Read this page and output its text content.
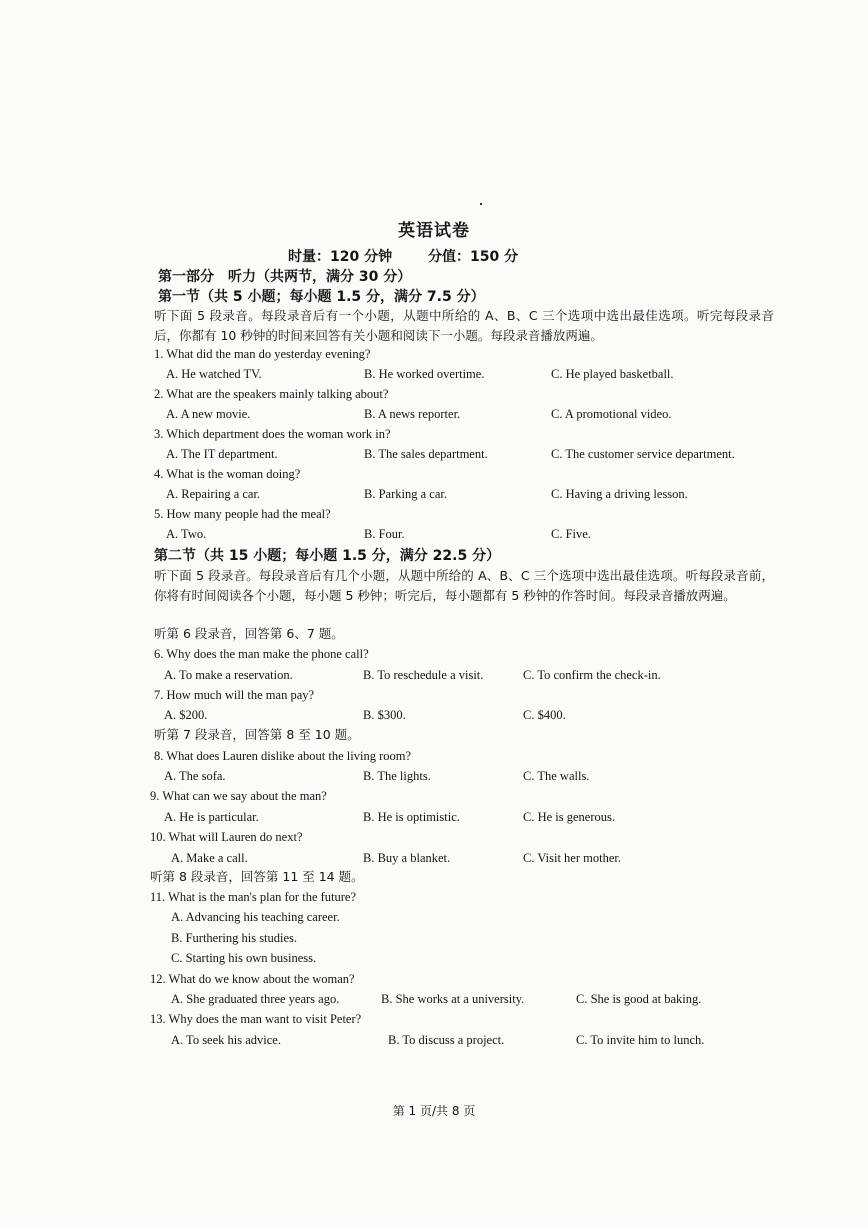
英语试卷
时量：120 分钟	分值：150 分
第一部分　听力（共两节，满分 30 分）
第一节（共 5 小题；每小题 1.5 分，满分 7.5 分）
听下面 5 段录音。每段录音后有一个小题，从题中所给的 A、B、C 三个选项中选出最佳选项。听完每段录音后，你都有 10 秒钟的时间来回答有关小题和阅读下一小题。每段录音播放两遍。
1. What did the man do yesterday evening?
A. He watched TV.	B. He worked overtime.	C. He played basketball.
2. What are the speakers mainly talking about?
A. A new movie.	B. A news reporter.	C. A promotional video.
3. Which department does the woman work in?
A. The IT department.	B. The sales department.	C. The customer service department.
4. What is the woman doing?
A. Repairing a car.	B. Parking a car.	C. Having a driving lesson.
5. How many people had the meal?
A. Two.	B. Four.	C. Five.
第二节（共 15 小题；每小题 1.5 分，满分 22.5 分）
听下面 5 段录音。每段录音后有几个小题，从题中所给的 A、B、C 三个选项中选出最佳选项。听每段录音前，你将有时间阅读各个小题，每小题 5 秒钟；听完后，每小题都有 5 秒钟的作答时间。每段录音播放两遍。
听第 6 段录音，回答第 6、7 题。
6. Why does the man make the phone call?
A. To make a reservation.	B. To reschedule a visit.	C. To confirm the check-in.
7. How much will the man pay?
A. $200.	B. $300.	C. $400.
听第 7 段录音，回答第 8 至 10 题。
8. What does Lauren dislike about the living room?
A. The sofa.	B. The lights.	C. The walls.
9. What can we say about the man?
A. He is particular.	B. He is optimistic.	C. He is generous.
10. What will Lauren do next?
A. Make a call.	B. Buy a blanket.	C. Visit her mother.
听第 8 段录音，回答第 11 至 14 题。
11. What is the man's plan for the future?
A. Advancing his teaching career.
B. Furthering his studies.
C. Starting his own business.
12. What do we know about the woman?
A. She graduated three years ago.	B. She works at a university.	C. She is good at baking.
13. Why does the man want to visit Peter?
A. To seek his advice.	B. To discuss a project.	C. To invite him to lunch.
第 1 页/共 8 页
